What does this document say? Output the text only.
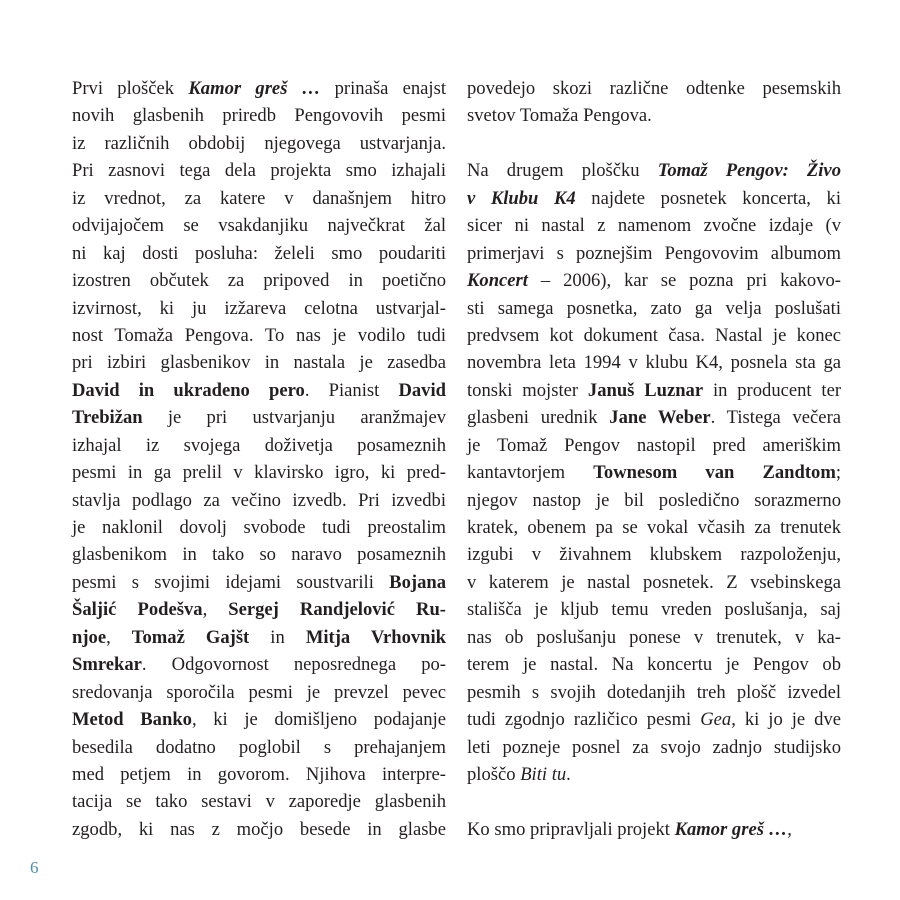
Prvi plošček Kamor greš … prinaša enajst
novih glasbenih priredb Pengovovih pesmi
iz različnih obdobij njegovega ustvarjanja.
Pri zasnovi tega dela projekta smo izhajali
iz vrednot, za katere v današnjem hitro
odvijajočem se vsakdanjiku največkrat žal
ni kaj dosti posluha: želeli smo poudariti
izostren občutek za pripoved in poetično
izvirnost, ki ju izžareva celotna ustvarjal-
nost Tomaža Pengova. To nas je vodilo tudi
pri izbiri glasbenikov in nastala je zasedba
David in ukradeno pero. Pianist David
Trebižan je pri ustvarjanju aranžmajev
izhajal iz svojega doživetja posameznih
pesmi in ga prelil v klavirsko igro, ki pred-
stavlja podlago za večino izvedb. Pri izvedbi
je naklonil dovolj svobode tudi preostalim
glasbenikom in tako so naravo posameznih
pesmi s svojimi idejami soustvarili Bojana
Šaljić Podešva, Sergej Randjelović Ru-
njoe, Tomaž Gajšt in Mitja Vrhovnik
Smrekar. Odgovornost neposrednega po-
sredovanja sporočila pesmi je prevzel pevec
Metod Banko, ki je domišljeno podajanje
besedila dodatno poglobil s prehajanjem
med petjem in govorom. Njihova interpre-
tacija se tako sestavi v zaporedje glasbenih
zgodb, ki nas z močjo besede in glasbe
povedejo skozi različne odtenke pesemskih
svetov Tomaža Pengova.
Na drugem ploščku Tomaž Pengov: Živo
v Klubu K4 najdete posnetek koncerta, ki
sicer ni nastal z namenom zvočne izdaje (v
primerjavi s poznejšim Pengovovim albumom
Koncert – 2006), kar se pozna pri kakovo-
sti samega posnetka, zato ga velja poslušati
predvsem kot dokument časa. Nastal je konec
novembra leta 1994 v klubu K4, posnela sta ga
tonski mojster Januš Luznar in producent ter
glasbeni urednik Jane Weber. Tistega večera
je Tomaž Pengov nastopil pred ameriškim
kantavtorjem Townesom van Zandtom;
njegov nastop je bil posledično sorazmerno
kratek, obenem pa se vokal včasih za trenutek
izgubi v živahnem klubskem razpoloženju,
v katerem je nastal posnetek. Z vsebinskega
stališča je kljub temu vreden poslušanja, saj
nas ob poslušanju ponese v trenutek, v ka-
terem je nastal. Na koncertu je Pengov ob
pesmih s svojih dotedanjih treh plošč izvedel
tudi zgodnjo različico pesmi Gea, ki jo je dve
leti pozneje posnel za svojo zadnjo studijsko
ploščo Biti tu.
Ko smo pripravljali projekt Kamor greš …,
6
